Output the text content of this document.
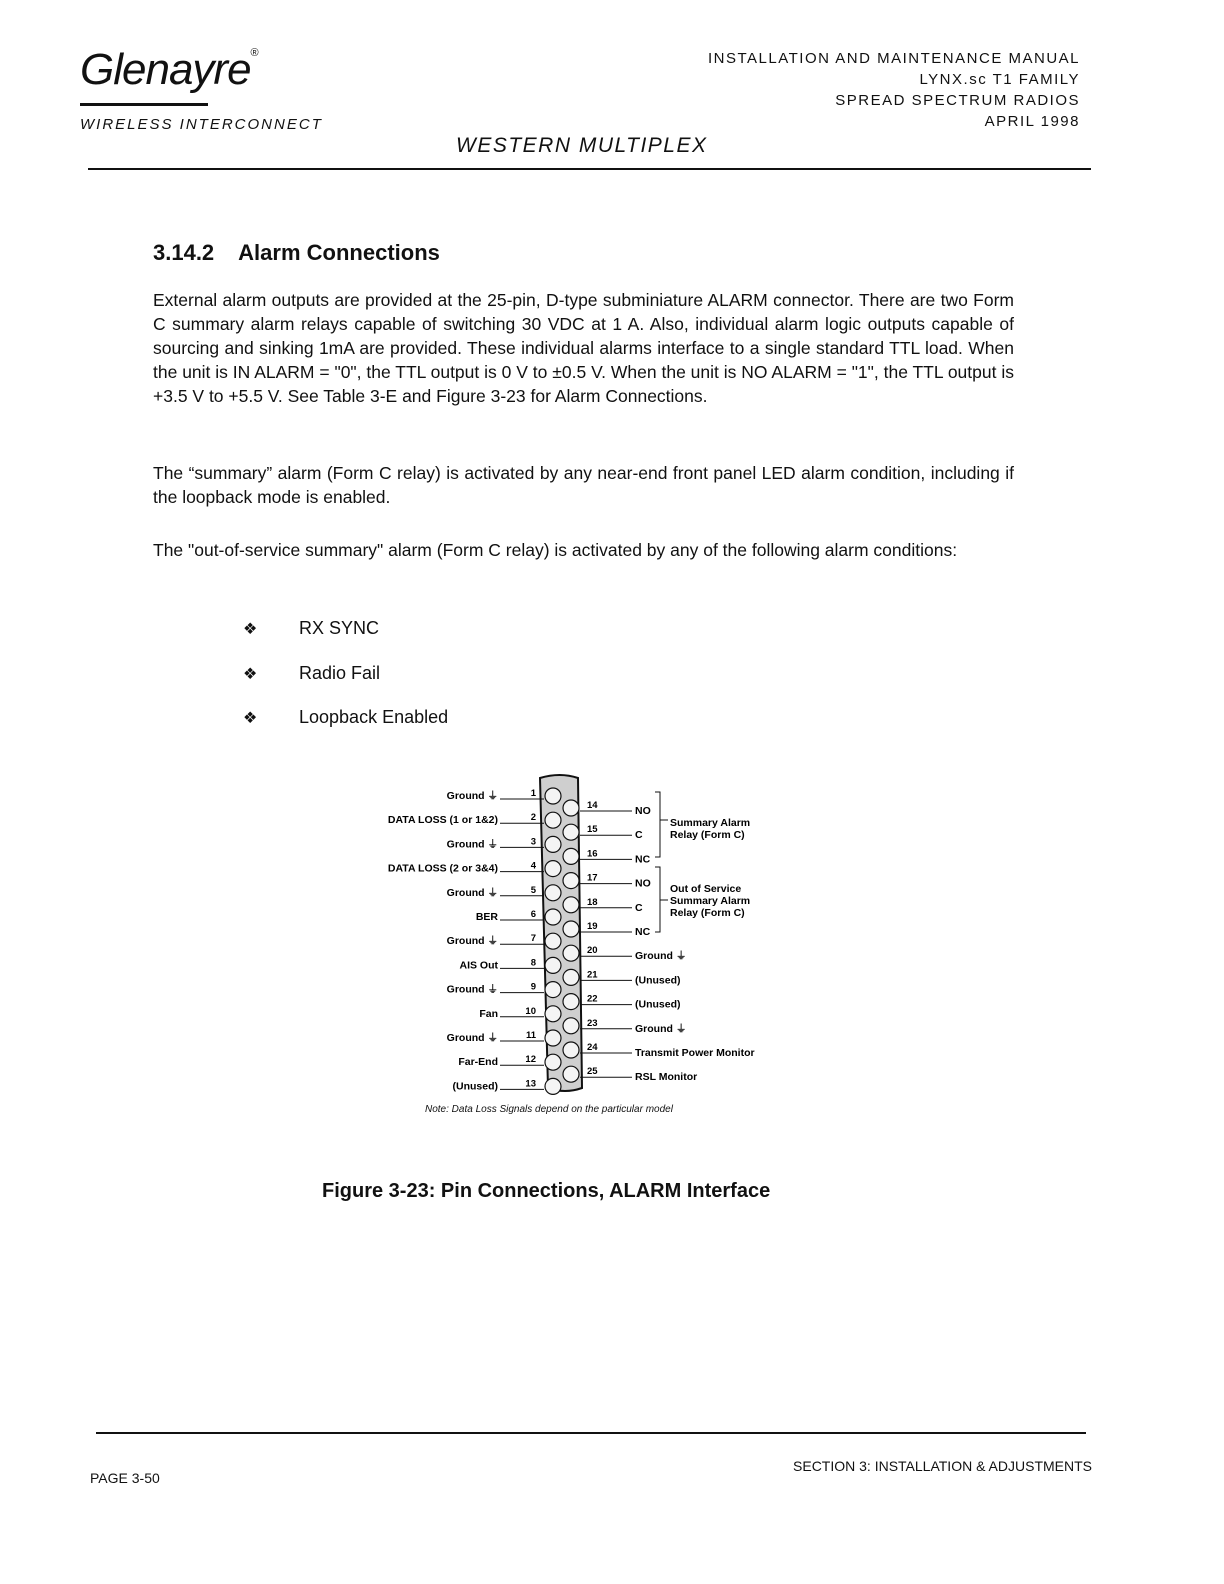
Glenayre®
WIRELESS INTERCONNECT
INSTALLATION AND MAINTENANCE MANUAL
LYNX.sc T1 FAMILY
SPREAD SPECTRUM RADIOS
APRIL 1998
WESTERN MULTIPLEX
3.14.2 Alarm Connections

External alarm outputs are provided at the 25-pin, D-type subminiature ALARM connector. There are two Form C summary alarm relays capable of switching 30 VDC at 1 A. Also, individual alarm logic outputs capable of sourcing and sinking 1mA are provided. These individual alarms interface to a single standard TTL load. When the unit is IN ALARM = "0", the TTL output is 0 V to ±0.5 V. When the unit is NO ALARM = "1", the TTL output is +3.5 V to +5.5 V. See Table 3-E and Figure 3-23 for Alarm Connections.

The “summary” alarm (Form C relay) is activated by any near-end front panel LED alarm condition, including if the loopback mode is enabled.

The "out-of-service summary" alarm (Form C relay) is activated by any of the following alarm conditions:

❖ RX SYNC
❖ Radio Fail
❖ Loopback Enabled
1
Ground ⏚
2
DATA LOSS (1 or 1&2)
3
Ground ⏚
4
DATA LOSS (2 or 3&4)
5
Ground ⏚
6
BER
7
Ground ⏚
8
AIS Out
9
Ground ⏚
10
Fan
11
Ground ⏚
12
Far-End
13
(Unused)
14	NO
15	C
16	NC
17	NO
18	C
19	NC
20	Ground ⏚
21	(Unused)
22	(Unused)
23	Ground ⏚
24	Transmit Power Monitor
25	RSL Monitor
Summary Alarm
Relay (Form C)
Out of Service
Summary Alarm
Relay (Form C)
Note: Data Loss Signals depend on the particular model
Figure 3-23: Pin Connections, ALARM Interface
PAGE 3-50
SECTION 3: INSTALLATION & ADJUSTMENTS
